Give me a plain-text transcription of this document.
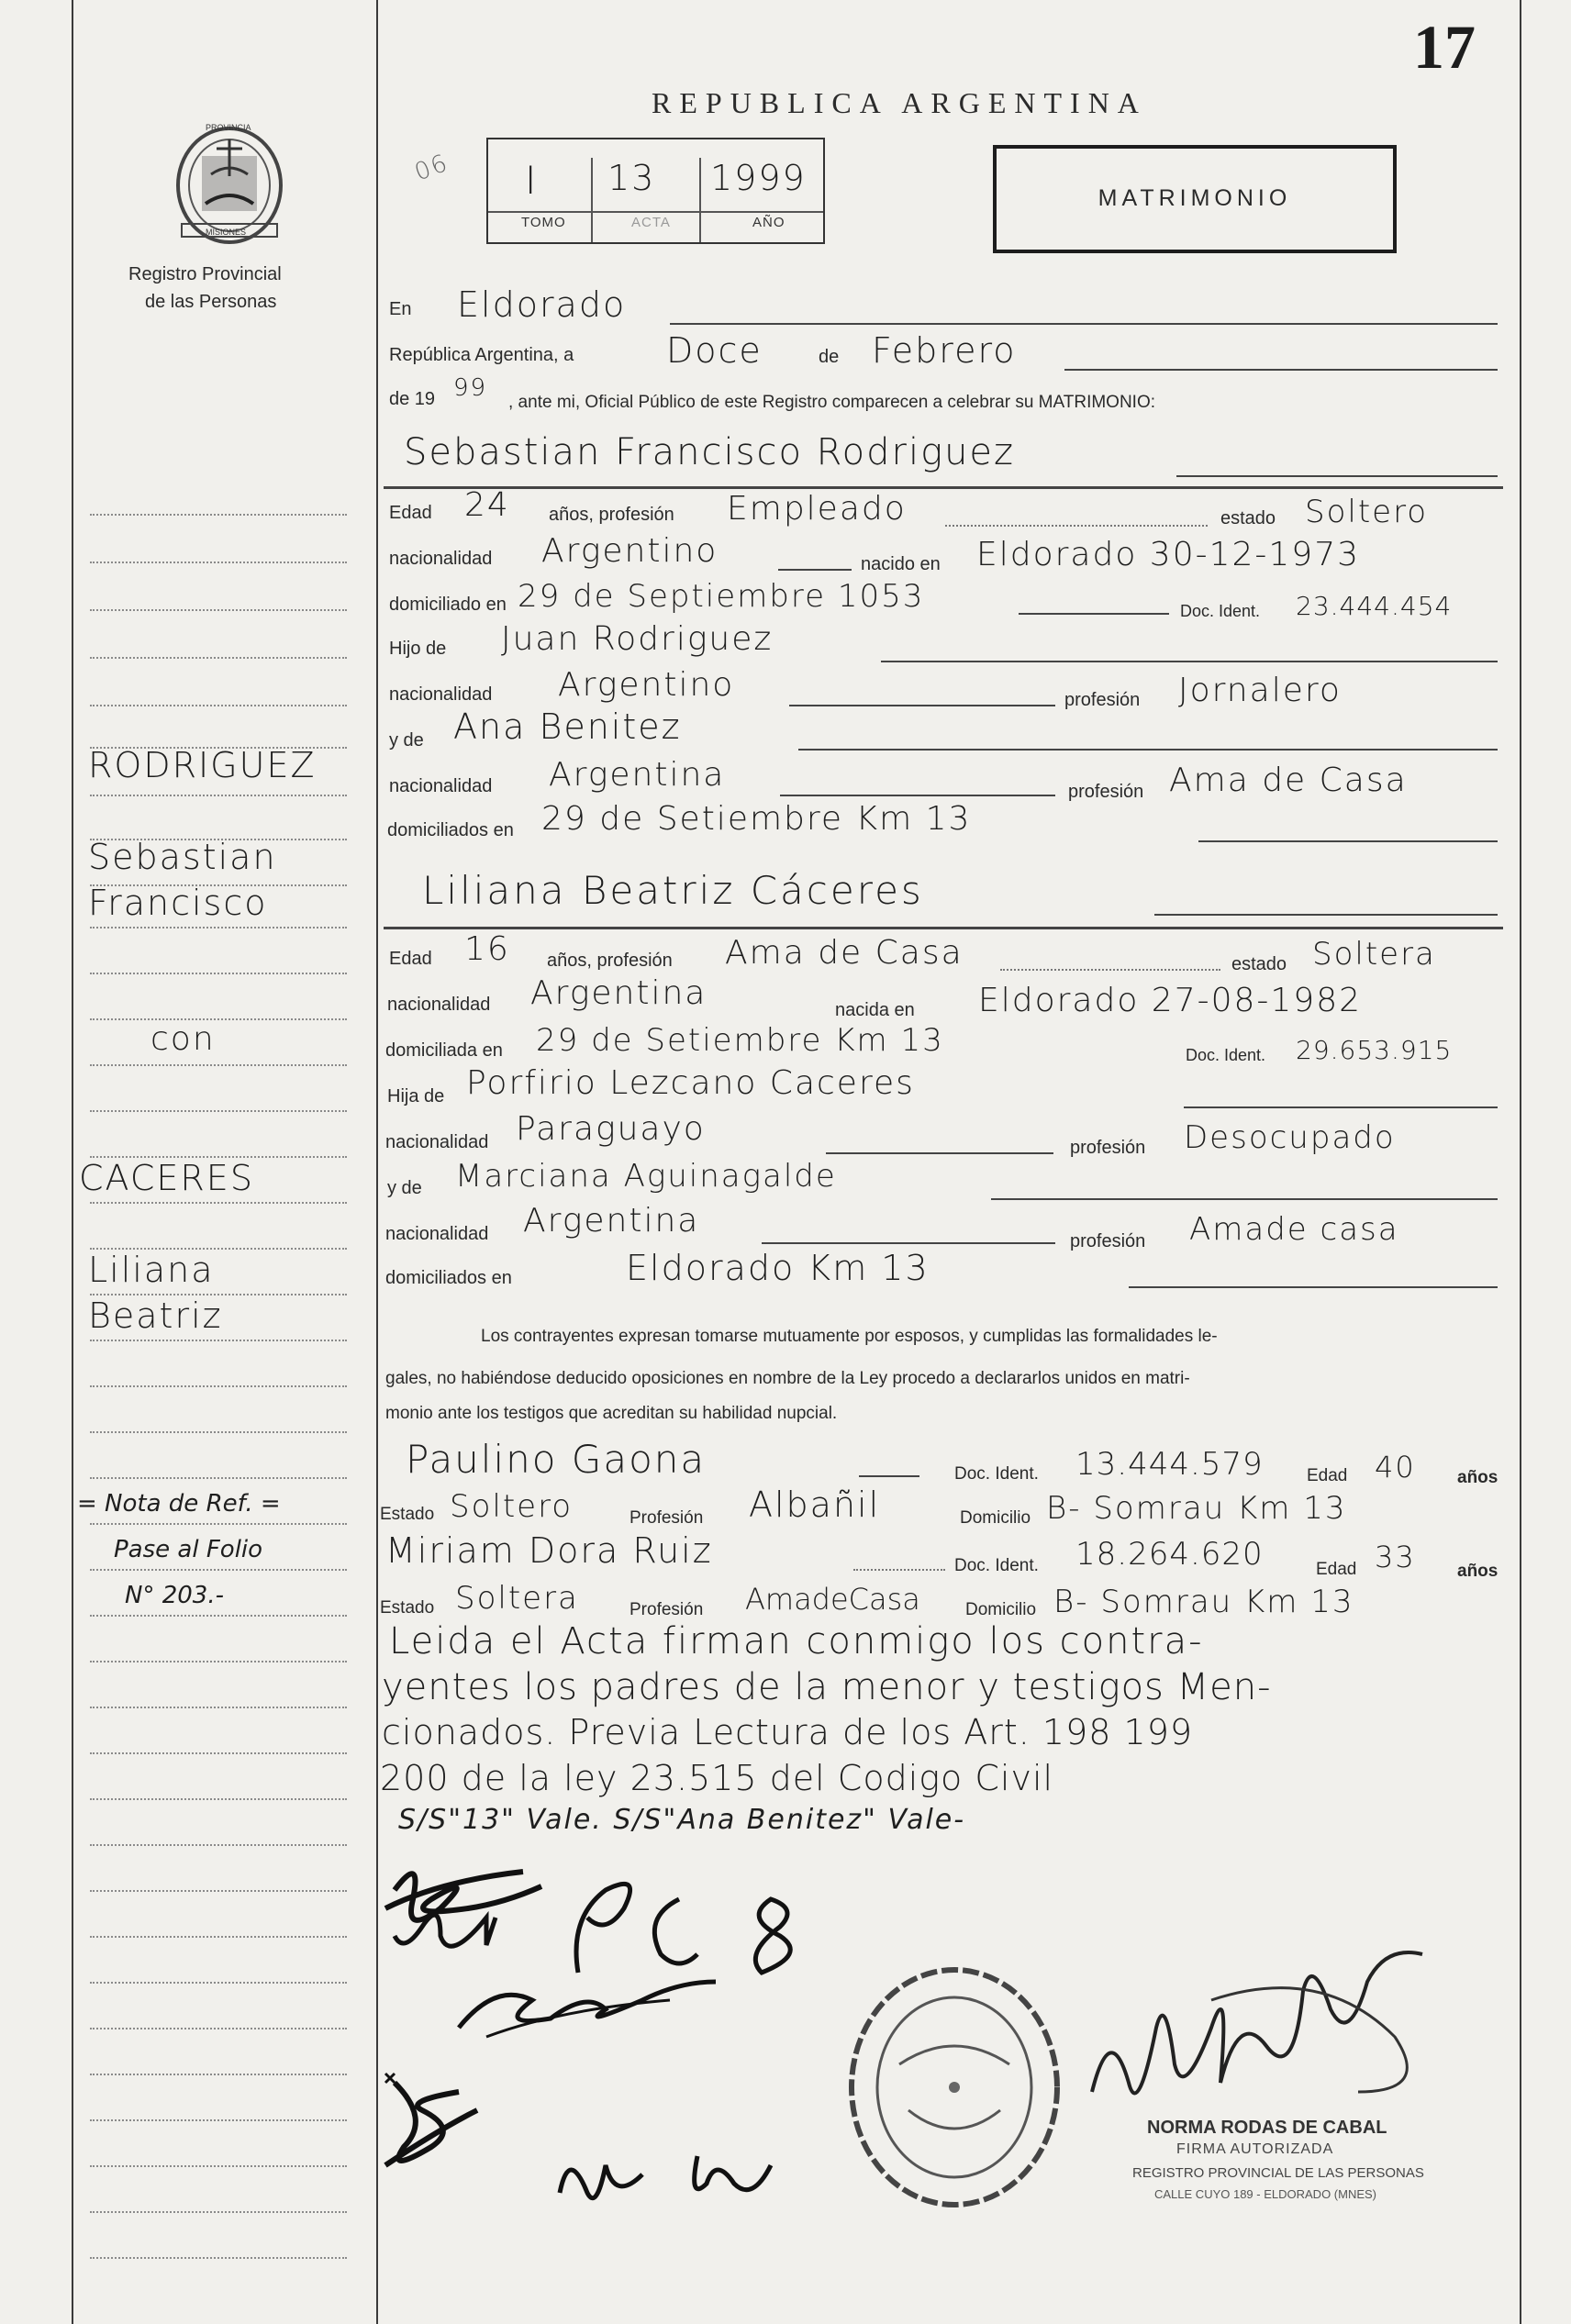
17
REPUBLICA ARGENTINA
PROVINCIA
MISIONES
Registro Provincial
de las Personas
06 I 13 1999
TOMO	ACTA	AÑO
MATRIMONIO
En Eldorado
República Argentina, a	Doce	de Febrero
de 19 99
, ante mi, Oficial Público de este Registro comparecen a celebrar su MATRIMONIO:
Sebastian Francisco Rodriguez
Edad 24 años, profesión Empleado	estado Soltero
nacionalidad Argentino	nacido en Eldorado 30-12-1973
domiciliado en 29 de Septiembre 1053	Doc. Ident. 23.444.454
Hijo de Juan Rodriguez
nacionalidad Argentino	profesión Jornalero
y de Ana Benitez
nacionalidad Argentina	profesión Ama de Casa
domiciliados en 29 de Setiembre Km 13
Liliana Beatriz Cáceres
Edad 16 años, profesión Ama de Casa	estado Soltera
nacionalidad Argentina	nacida en Eldorado 27-08-1982
domiciliada en 29 de Setiembre Km 13	Doc. Ident. 29.653.915
Hija de Porfirio Lezcano Caceres
nacionalidad Paraguayo	profesión Desocupado
y de Marciana Aguinagalde
nacionalidad Argentina
profesión Amade casa
domiciliados en	Eldorado Km 13
Los contrayentes expresan tomarse mutuamente por esposos, y cumplidas las formalidades le-
gales, no habiéndose deducido oposiciones en nombre de la Ley procedo a declararlos unidos en matri-
monio ante los testigos que acreditan su habilidad nupcial.
Paulino Gaona	Doc. Ident. 13.444.579 Edad 40 años
Estado Soltero	Profesión Albañil	Domicilio B- Somrau Km 13
Miriam Dora Ruiz	Doc. Ident. 18.264.620	Edad 33 años
Estado Soltera	Profesión AmadeCasa	Domicilio B- Somrau Km 13
Leida el Acta firman conmigo los contra-
yentes los padres de la menor y testigos Men-
cionados. Previa Lectura de los Art. 198 199
200 de la ley 23.515 del Codigo Civil
S/S"13" Vale. S/S"Ana Benitez" Vale-
RODRIGUEZ
Sebastian
Francisco
con
CACERES
Liliana
Beatriz
= Nota de Ref. =
Pase al Folio
N° 203.-
NORMA RODAS DE CABAL
FIRMA AUTORIZADA
REGISTRO PROVINCIAL DE LAS PERSONAS
CALLE CUYO 189 - ELDORADO (MNES)
